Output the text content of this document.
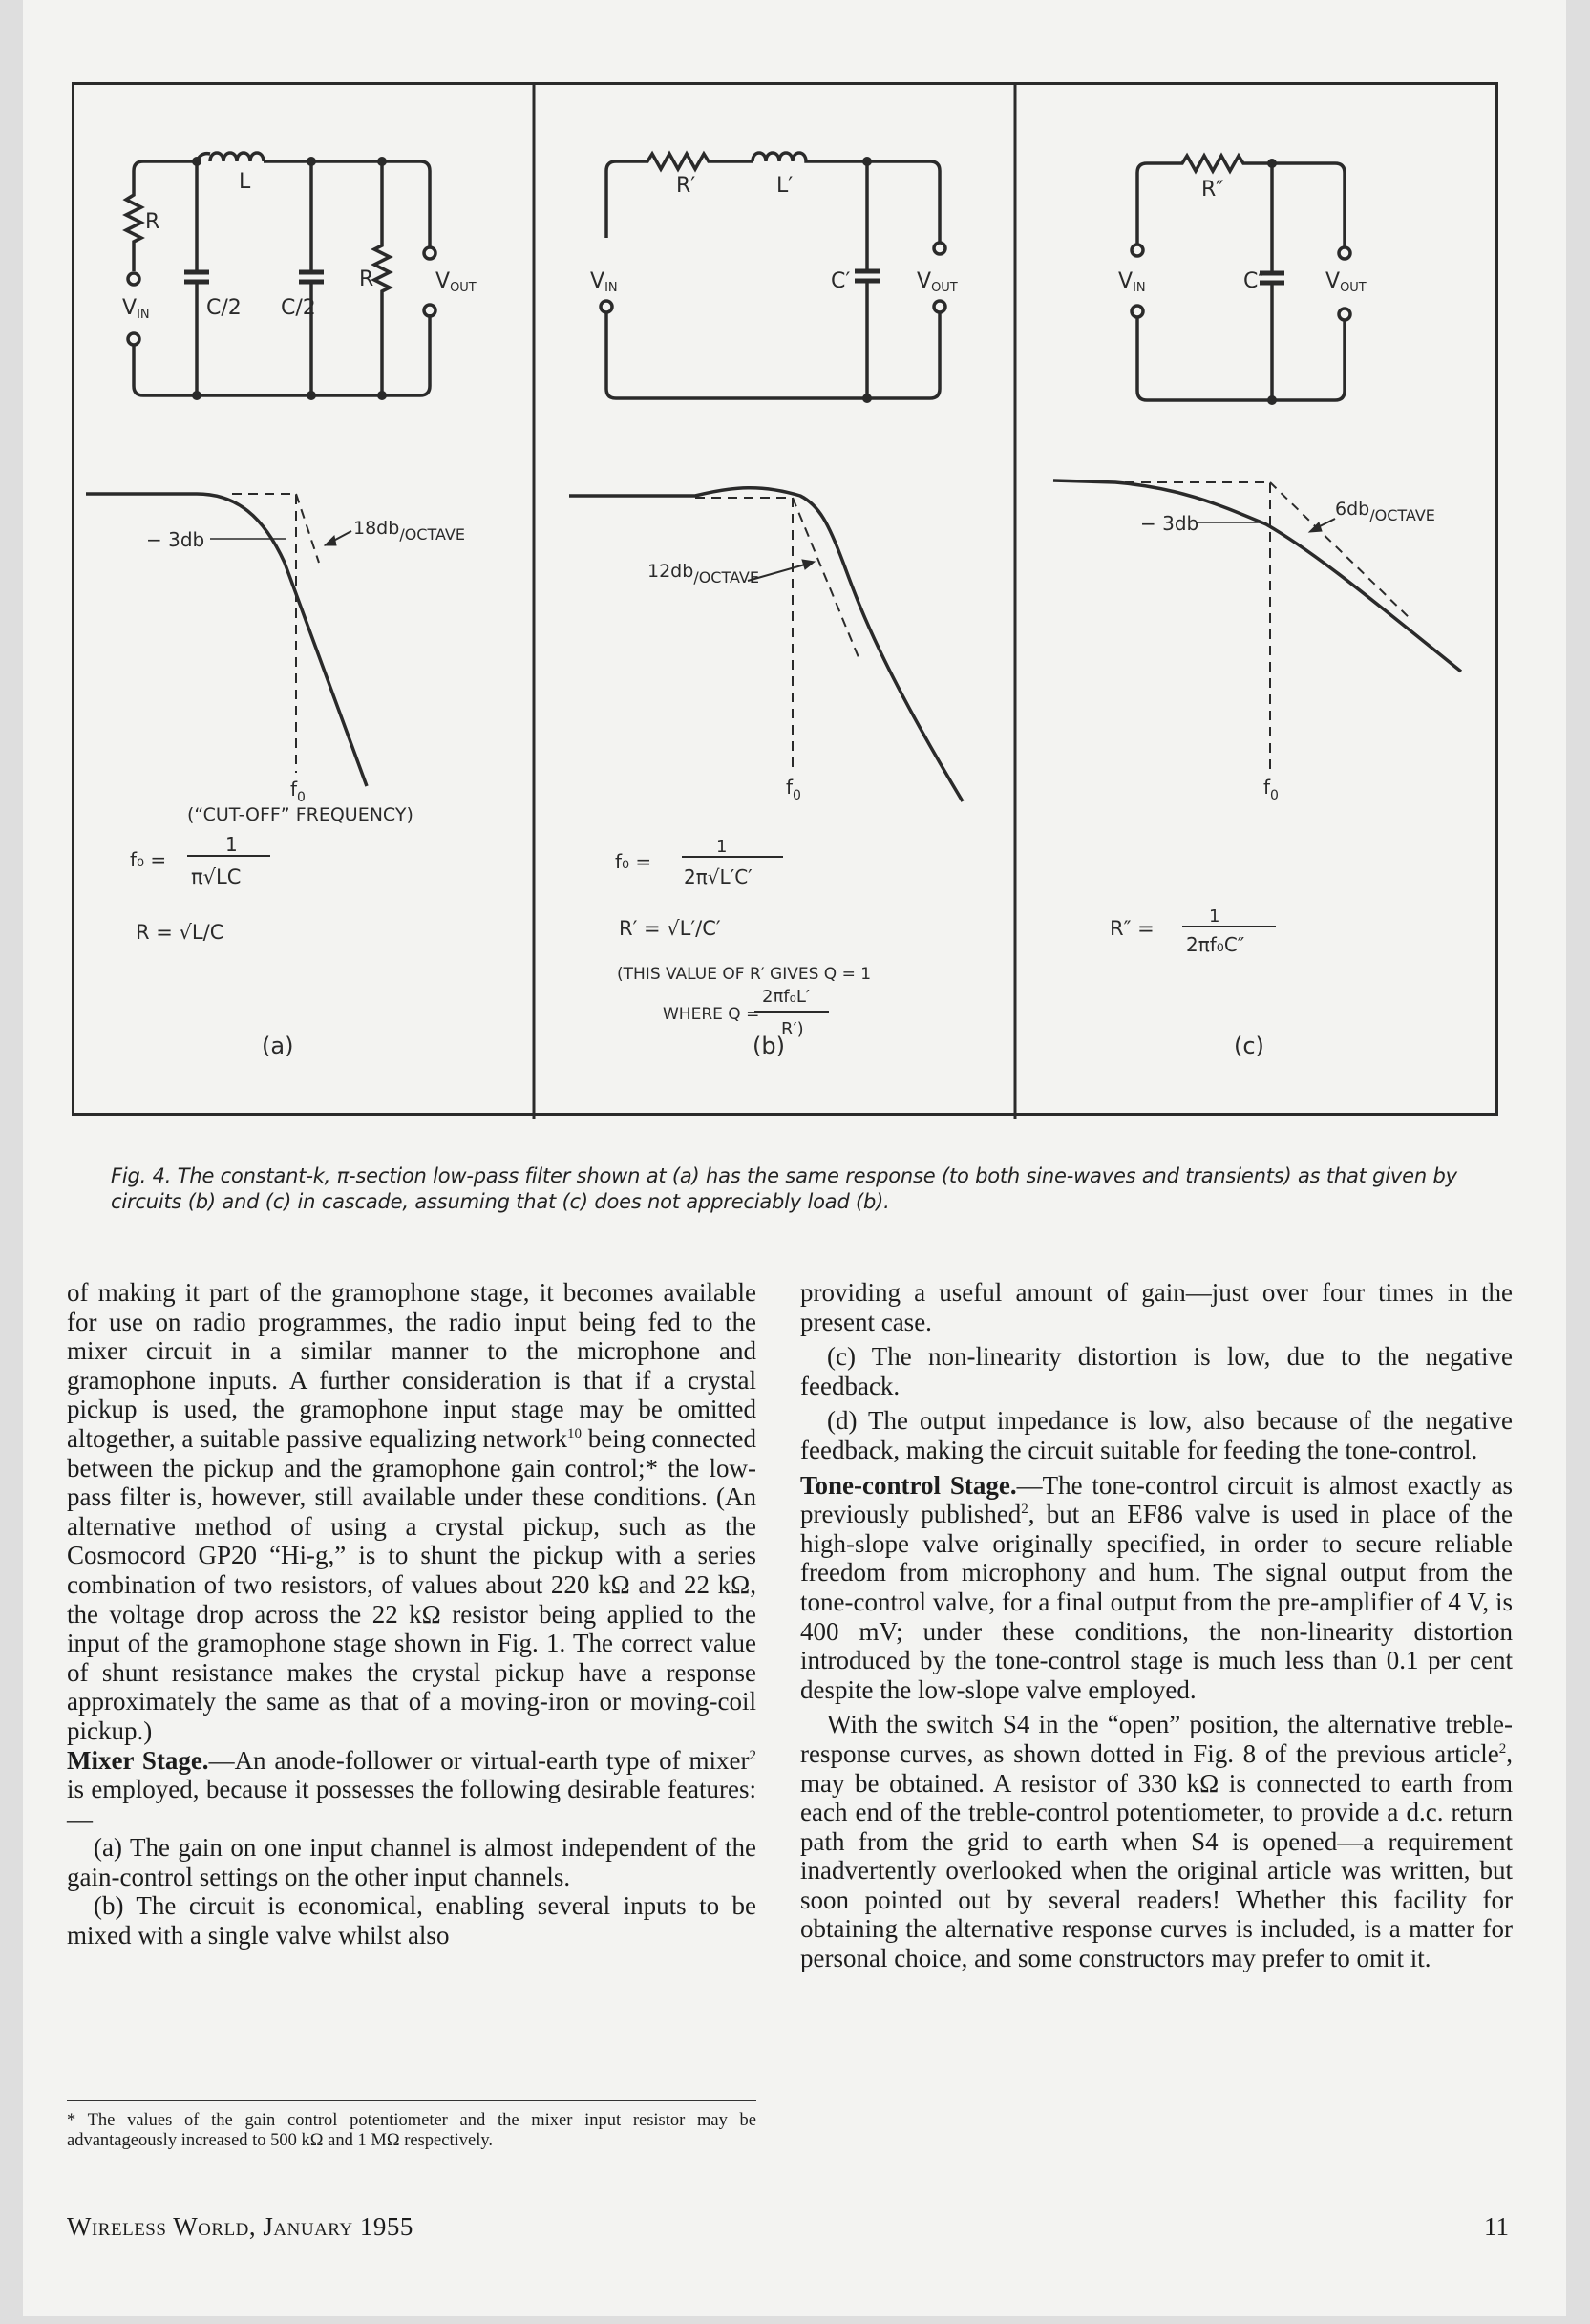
L
R
C/2 C/2
R
VIN
VOUT
− 3db	$18db_{/OCTAVE}$
$f_0$
(“CUT-OFF” FREQUENCY)
f₀ =
1
π√LC
R = √L/C
(a)
R′	L′
C′
VIN	VOUT
$12db_{/OCTAVE}$
$f_0$
f₀ =
1
2π√L′C′
R′ = √L′/C′
(THIS VALUE OF R′ GIVES Q = 1
WHERE Q =
2πf₀L′
R′)
(b)
R″
C″
VIN	VOUT
− 3db
$6db_{/OCTAVE}$
$f_0$
R″ =
1
2πf₀C″
(c)
Fig. 4. The constant-k, π-section low-pass filter shown at (a) has the same response (to both sine-waves and transients) as that given by circuits (b) and (c) in cascade, assuming that (c) does not appreciably load (b).

of making it part of the gramophone stage, it becomes available for use on radio programmes, the radio input being fed to the mixer circuit in a similar manner to the microphone and gramophone inputs. A further consideration is that if a crystal pickup is used, the gramophone input stage may be omitted altogether, a suitable passive equalizing network$^{10}$ being connected between the pickup and the gramophone gain control;* the low-pass filter is, however, still available under these conditions. (An alternative method of using a crystal pickup, such as the Cosmocord GP20 “Hi-g,” is to shunt the pickup with a series combination of two resistors, of values about 220 kΩ and 22 kΩ, the voltage drop across the 22 kΩ resistor being applied to the input of the gramophone stage shown in Fig. 1. The correct value of shunt resistance makes the crystal pickup have a response approximately the same as that of a moving-iron or moving-coil pickup.)

Mixer Stage.—An anode-follower or virtual-earth type of mixer$^2$ is employed, because it possesses the following desirable features:—

(a) The gain on one input channel is almost independent of the gain-control settings on the other input channels.

(b) The circuit is economical, enabling several inputs to be mixed with a single valve whilst also

* The values of the gain control potentiometer and the mixer input resistor may be advantageously increased to 500 kΩ and 1 MΩ respectively.

providing a useful amount of gain—just over four times in the present case.

(c) The non-linearity distortion is low, due to the negative feedback.

(d) The output impedance is low, also because of the negative feedback, making the circuit suitable for feeding the tone-control.

Tone-control Stage.—The tone-control circuit is almost exactly as previously published$^2$, but an EF86 valve is used in place of the high-slope valve originally specified, in order to secure reliable freedom from microphony and hum. The signal output from the tone-control valve, for a final output from the pre-amplifier of 4 V, is 400 mV; under these conditions, the non-linearity distortion introduced by the tone-control stage is much less than 0.1 per cent despite the low-slope valve employed.

With the switch S4 in the “open” position, the alternative treble-response curves, as shown dotted in Fig. 8 of the previous article$^2$, may be obtained. A resistor of 330 kΩ is connected to earth from each end of the treble-control potentiometer, to provide a d.c. return path from the grid to earth when S4 is opened—a requirement inadvertently overlooked when the original article was written, but soon pointed out by several readers! Whether this facility for obtaining the alternative response curves is included, is a matter for personal choice, and some constructors may prefer to omit it.

Wireless World, January 1955	11
